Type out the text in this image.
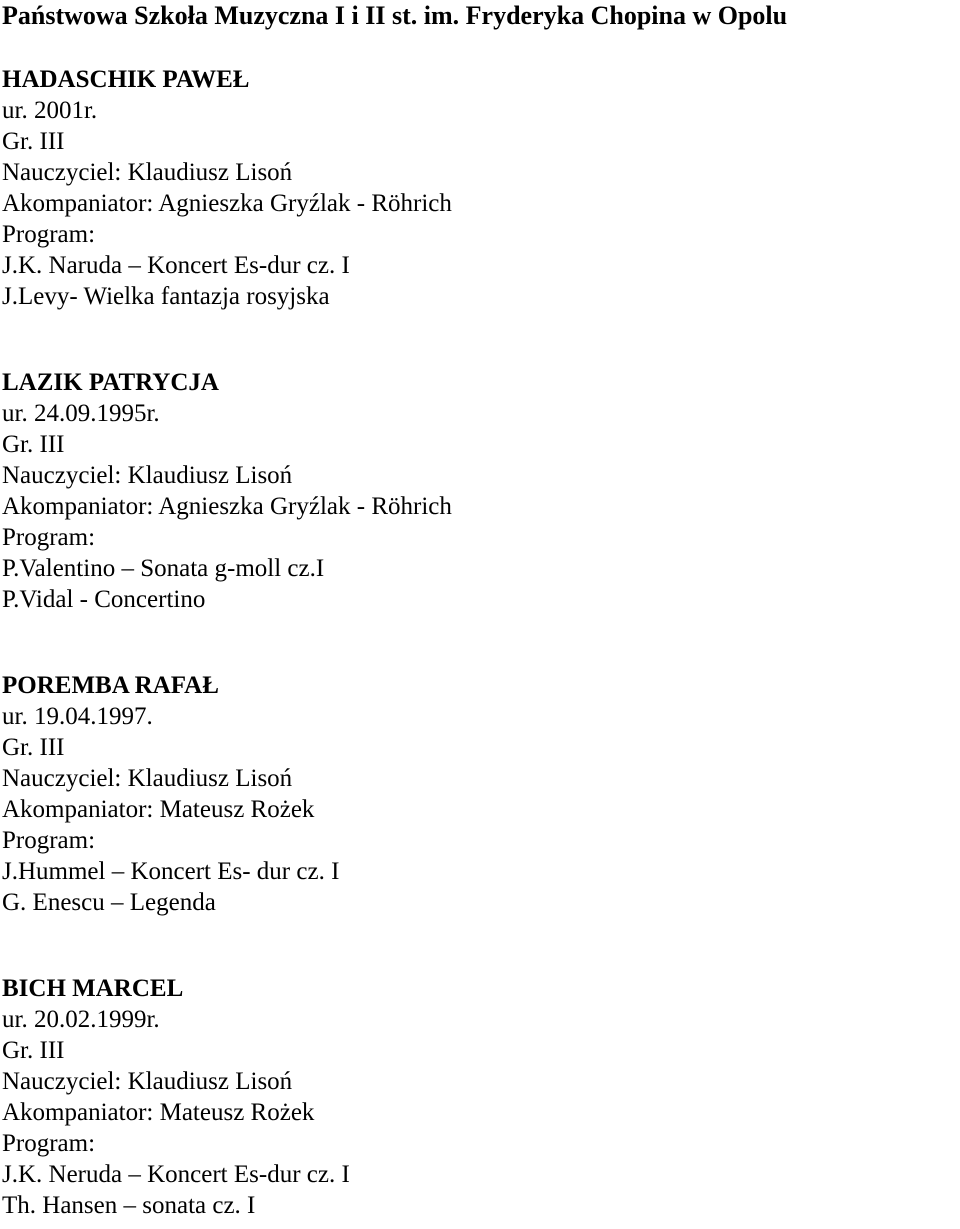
Państwowa Szkoła Muzyczna I i II st. im. Fryderyka Chopina w Opolu
HADASCHIK PAWEŁ
ur. 2001r.
Gr. III
Nauczyciel: Klaudiusz Lisoń
Akompaniator: Agnieszka Gryźlak - Röhrich
Program:
J.K. Naruda – Koncert Es-dur cz. I
J.Levy- Wielka fantazja rosyjska
LAZIK PATRYCJA
ur. 24.09.1995r.
Gr. III
Nauczyciel: Klaudiusz Lisoń
Akompaniator: Agnieszka Gryźlak - Röhrich
Program:
P.Valentino – Sonata g-moll cz.I
P.Vidal - Concertino
POREMBA RAFAŁ
ur. 19.04.1997.
Gr. III
Nauczyciel: Klaudiusz Lisoń
Akompaniator: Mateusz Rożek
Program:
J.Hummel – Koncert Es- dur cz. I
G. Enescu – Legenda
BICH MARCEL
ur. 20.02.1999r.
Gr. III
Nauczyciel: Klaudiusz Lisoń
Akompaniator: Mateusz Rożek
Program:
J.K. Neruda – Koncert Es-dur cz. I
Th. Hansen – sonata cz. I
